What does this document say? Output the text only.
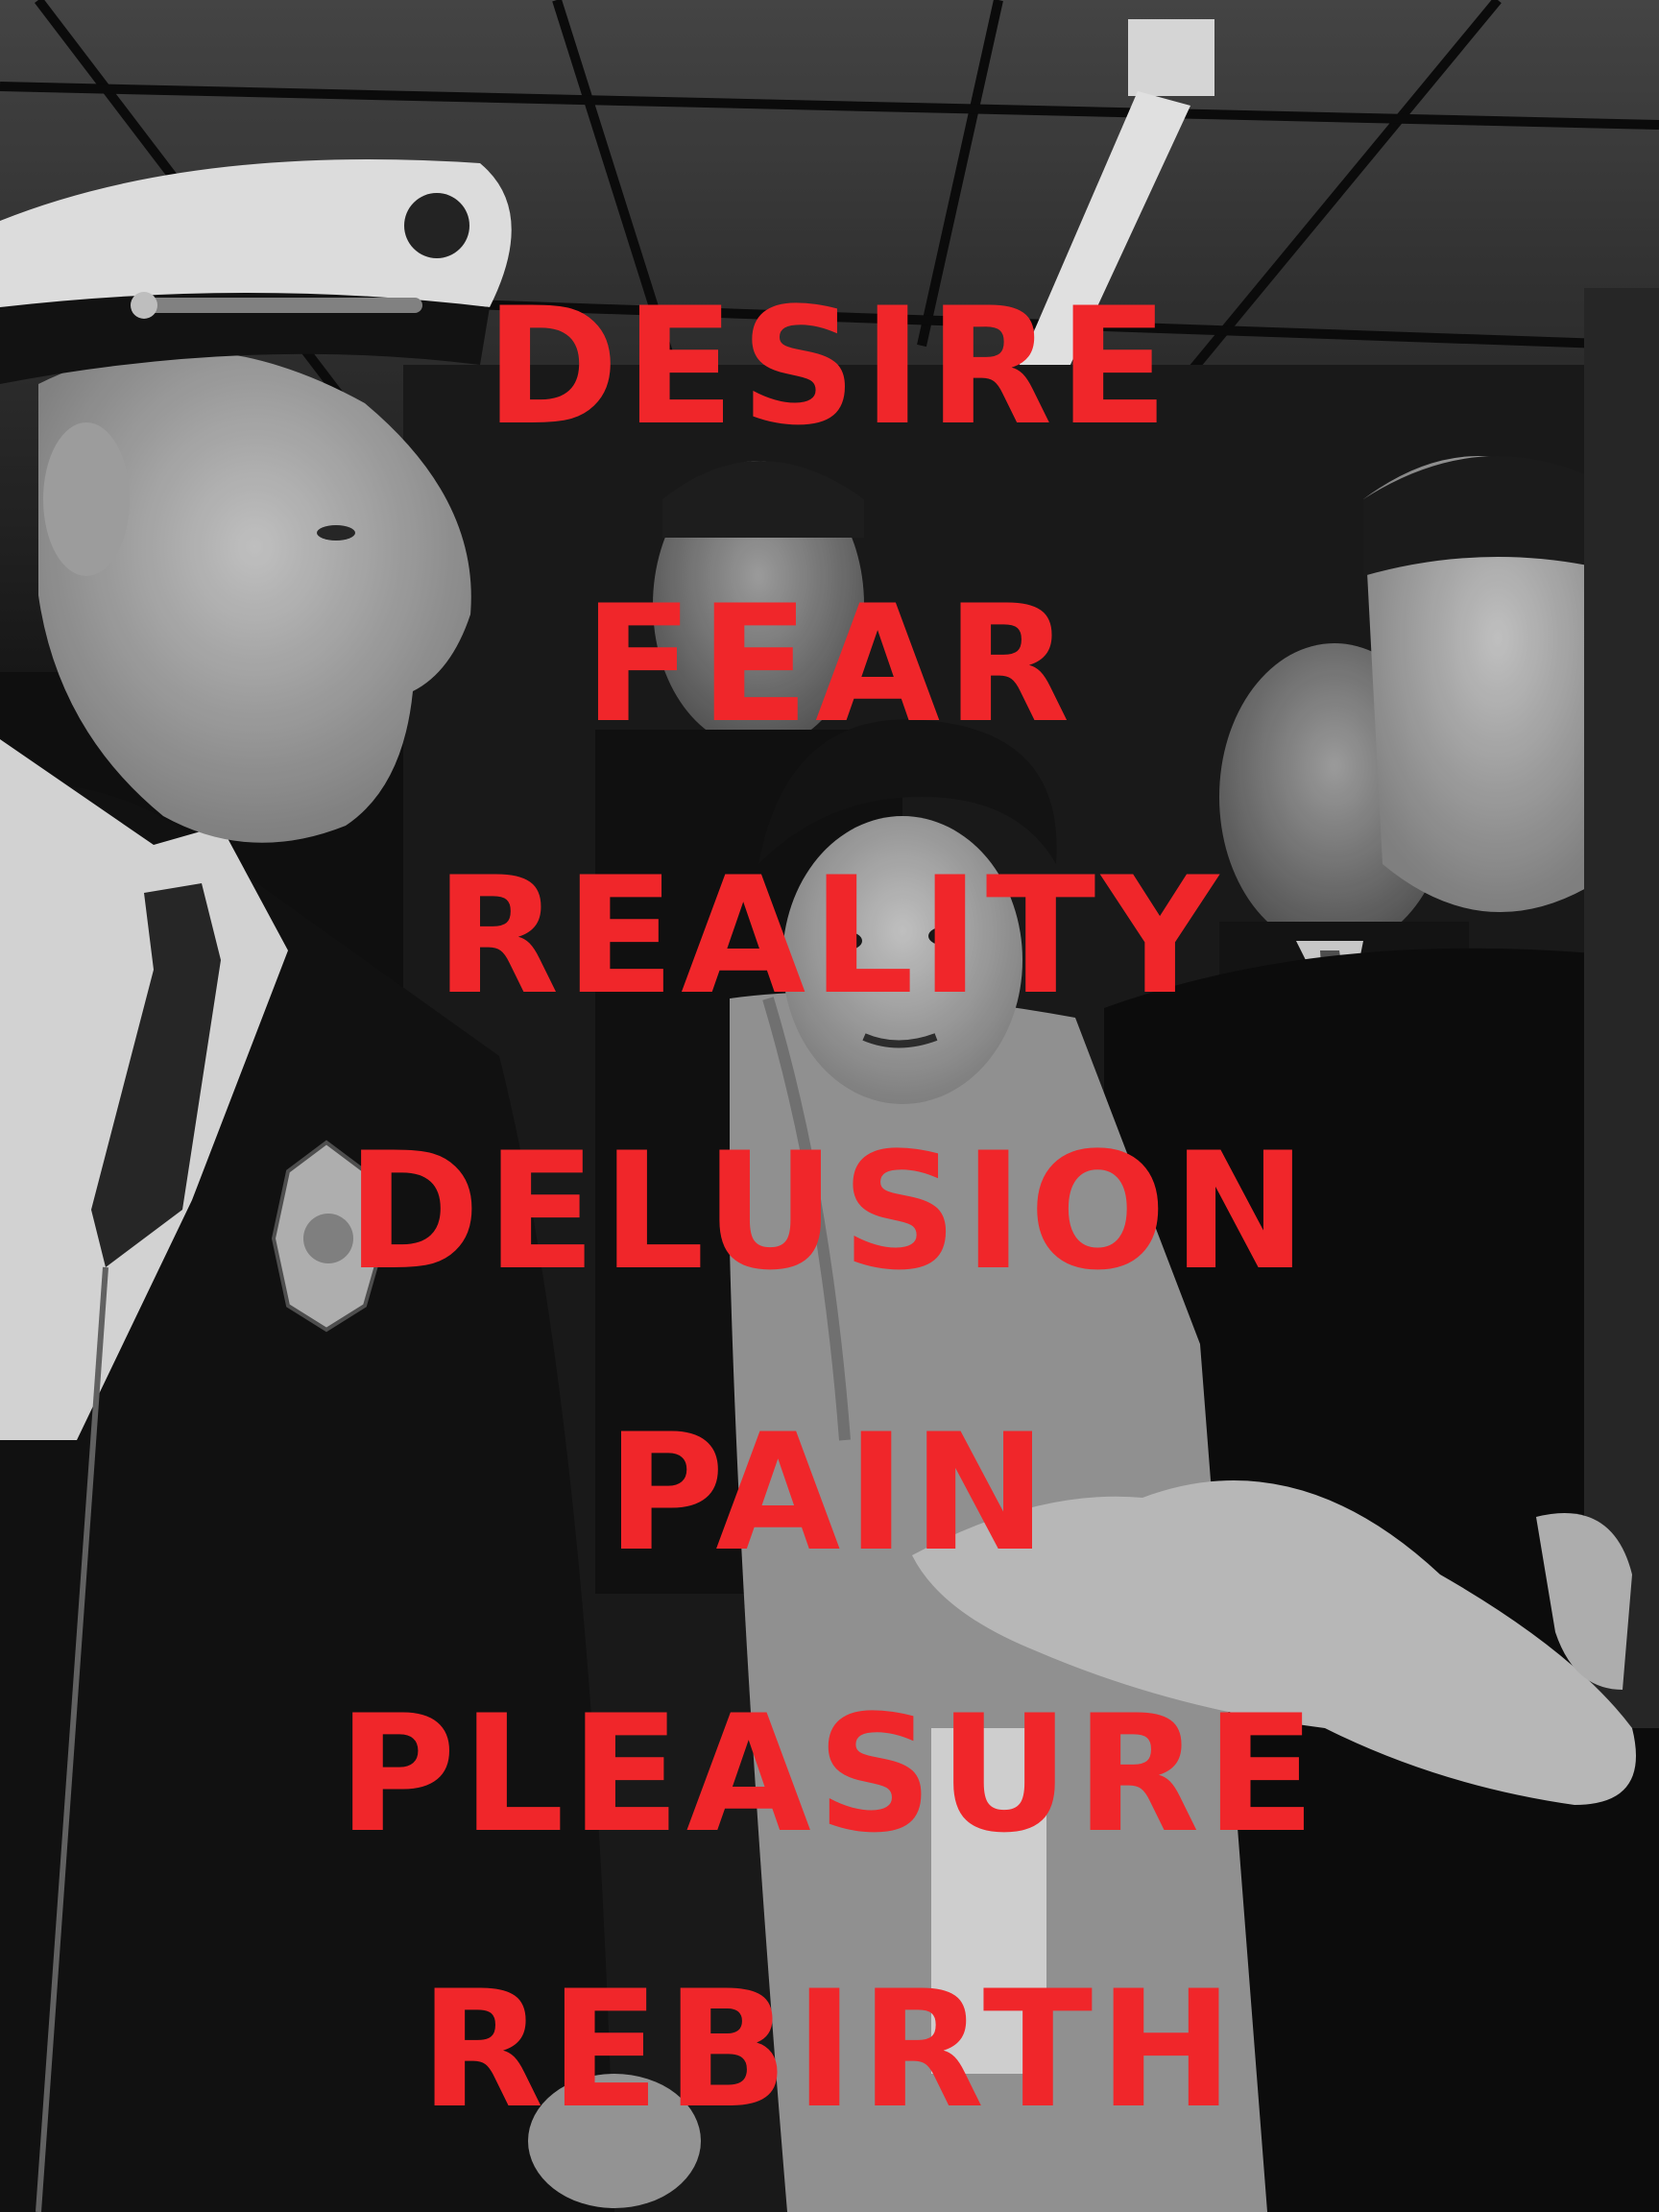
DESIRE
FEAR
REALITY
DELUSION
PAIN
PLEASURE
REBIRTH
